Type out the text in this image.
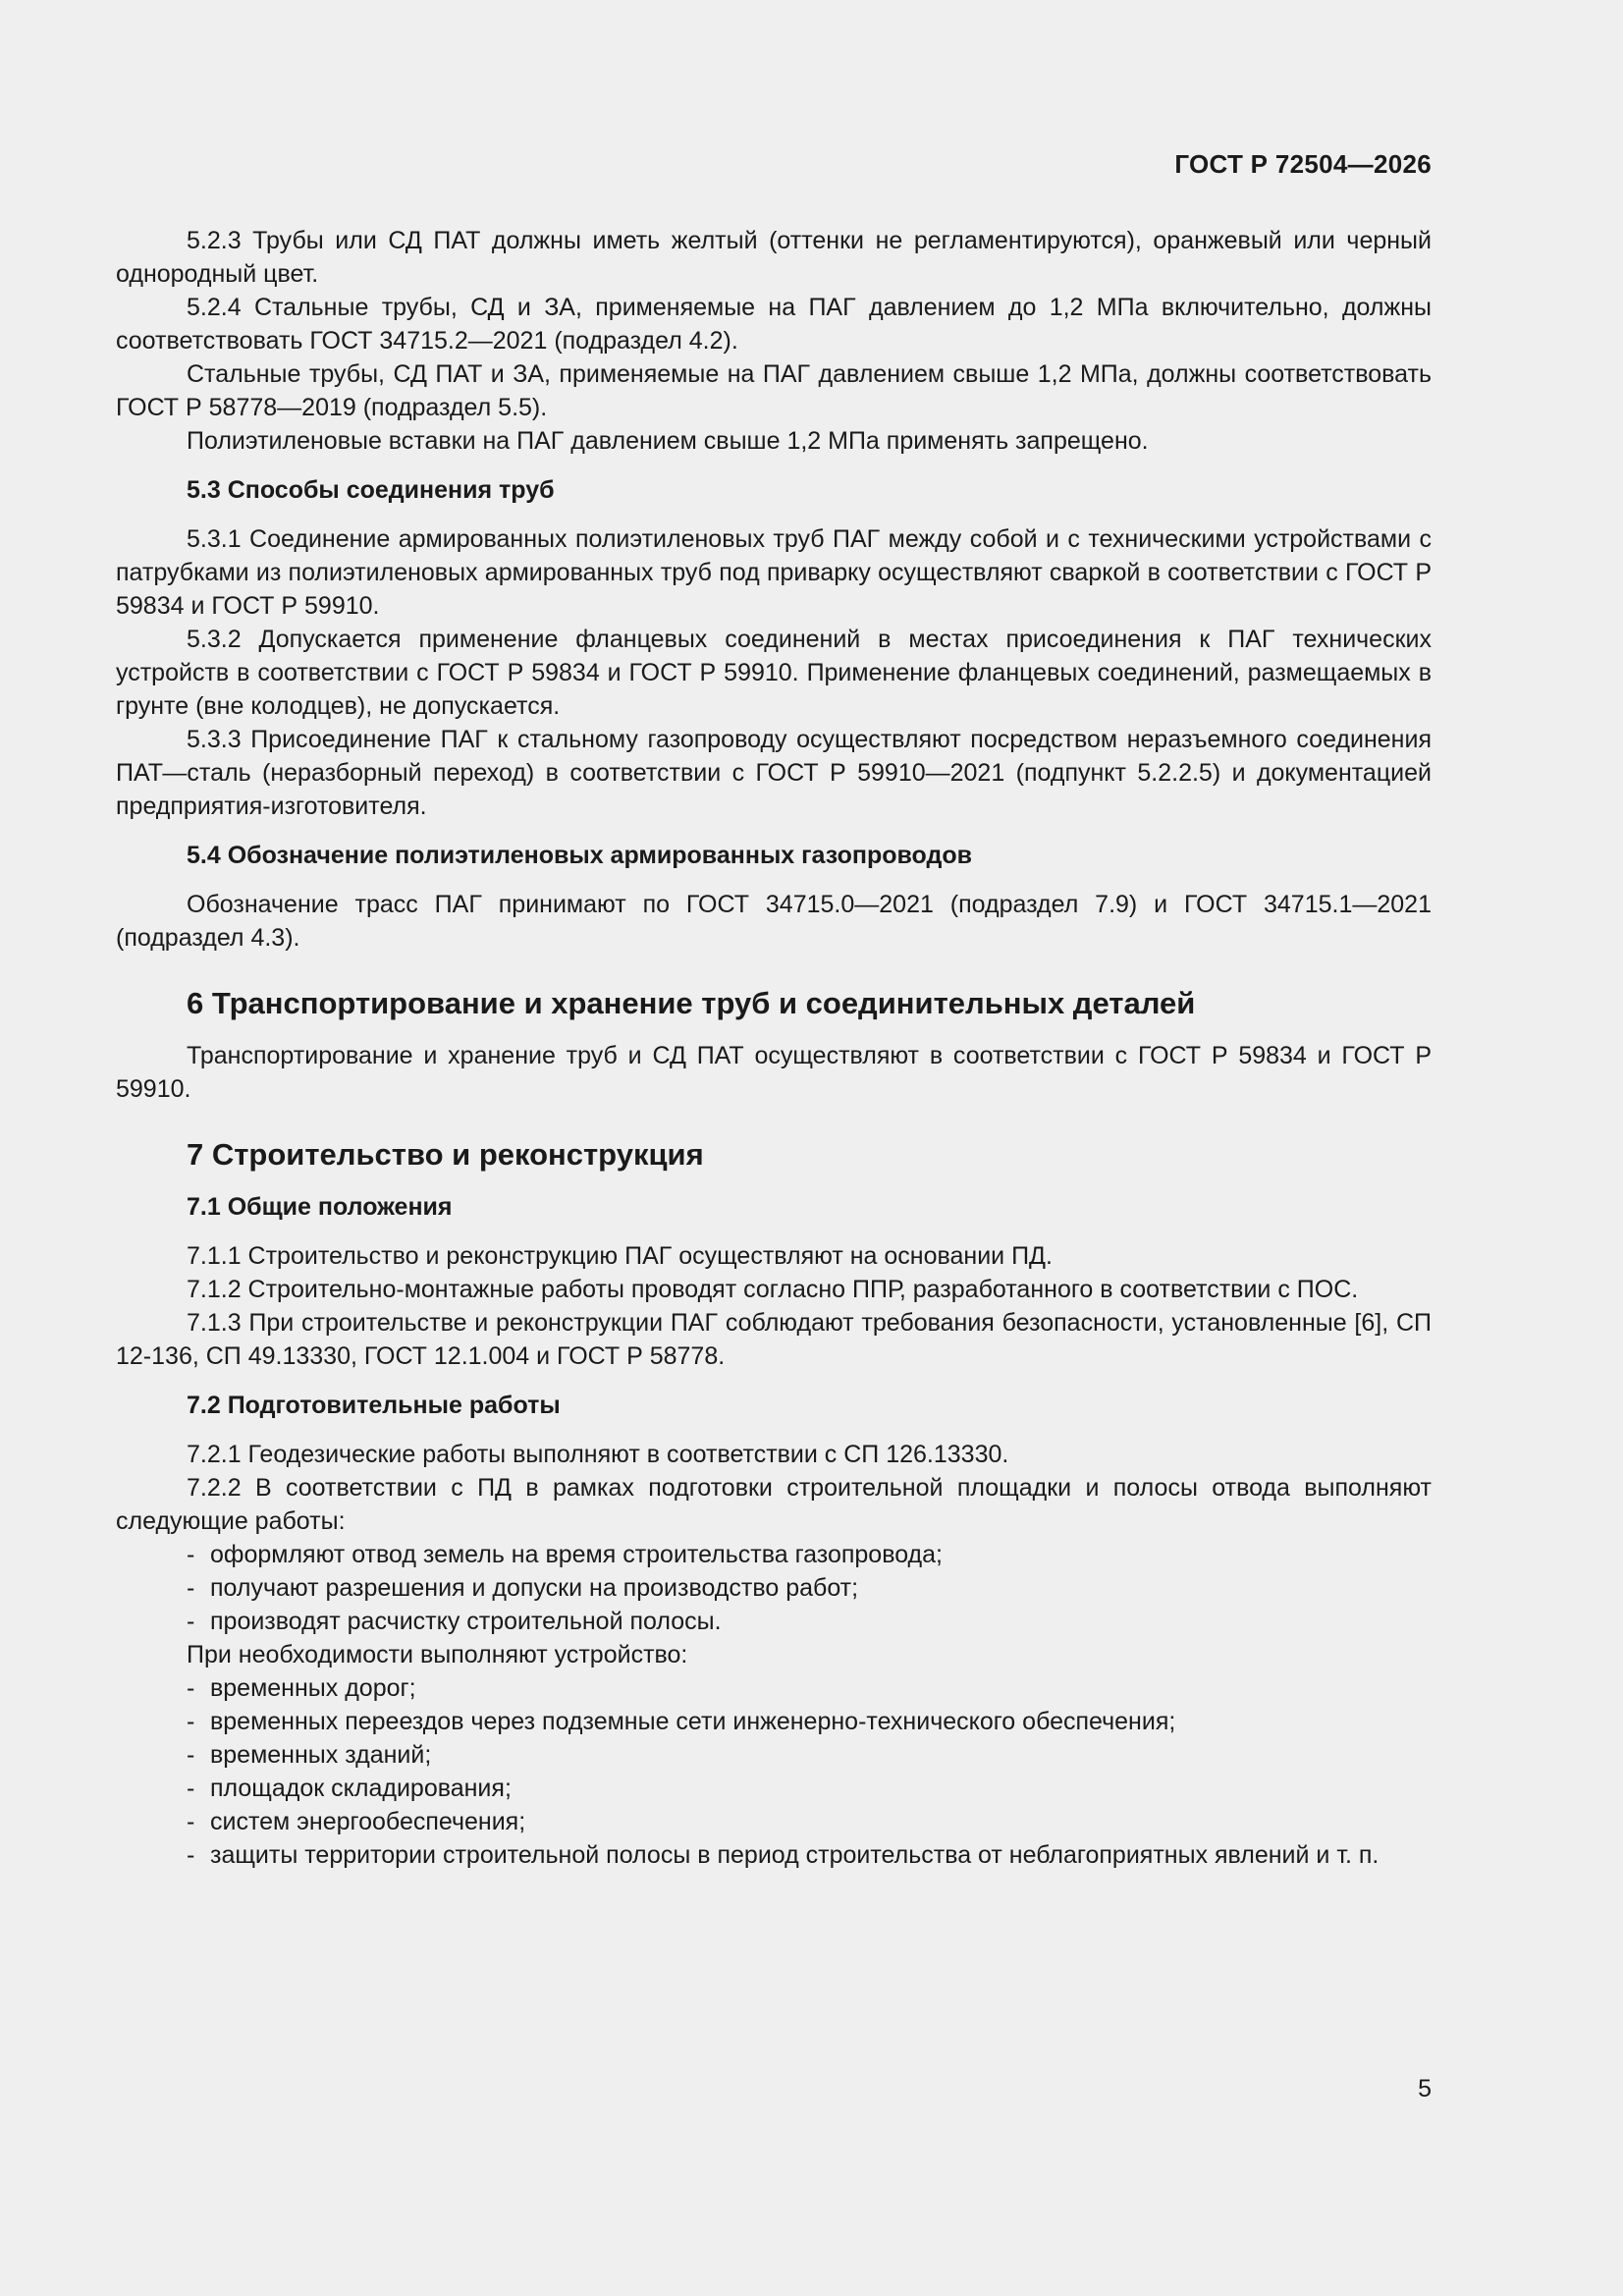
ГОСТ Р 72504—2026

5.2.3 Трубы или СД ПАТ должны иметь желтый (оттенки не регламентируются), оранжевый или черный однородный цвет.

5.2.4 Стальные трубы, СД и ЗА, применяемые на ПАГ давлением до 1,2 МПа включительно, должны соответствовать ГОСТ 34715.2—2021 (подраздел 4.2).

Стальные трубы, СД ПАТ и ЗА, применяемые на ПАГ давлением свыше 1,2 МПа, должны соответствовать ГОСТ Р 58778—2019 (подраздел 5.5).

Полиэтиленовые вставки на ПАГ давлением свыше 1,2 МПа применять запрещено.

5.3 Способы соединения труб

5.3.1 Соединение армированных полиэтиленовых труб ПАГ между собой и с техническими устройствами с патрубками из полиэтиленовых армированных труб под приварку осуществляют сваркой в соответствии с ГОСТ Р 59834 и ГОСТ Р 59910.

5.3.2 Допускается применение фланцевых соединений в местах присоединения к ПАГ технических устройств в соответствии с ГОСТ Р 59834 и ГОСТ Р 59910. Применение фланцевых соединений, размещаемых в грунте (вне колодцев), не допускается.

5.3.3 Присоединение ПАГ к стальному газопроводу осуществляют посредством неразъемного соединения ПАТ—сталь (неразборный переход) в соответствии с ГОСТ Р 59910—2021 (подпункт 5.2.2.5) и документацией предприятия-изготовителя.

5.4 Обозначение полиэтиленовых армированных газопроводов

Обозначение трасс ПАГ принимают по ГОСТ 34715.0—2021 (подраздел 7.9) и ГОСТ 34715.1—2021 (подраздел 4.3).

6 Транспортирование и хранение труб и соединительных деталей

Транспортирование и хранение труб и СД ПАТ осуществляют в соответствии с ГОСТ Р 59834 и ГОСТ Р 59910.

7 Строительство и реконструкция

7.1 Общие положения

7.1.1 Строительство и реконструкцию ПАГ осуществляют на основании ПД.

7.1.2 Строительно-монтажные работы проводят согласно ППР, разработанного в соответствии с ПОС.

7.1.3 При строительстве и реконструкции ПАГ соблюдают требования безопасности, установленные [6], СП 12-136, СП 49.13330, ГОСТ 12.1.004 и ГОСТ Р 58778.

7.2 Подготовительные работы

7.2.1 Геодезические работы выполняют в соответствии с СП 126.13330.

7.2.2 В соответствии с ПД в рамках подготовки строительной площадки и полосы отвода выполняют следующие работы:

- оформляют отвод земель на время строительства газопровода;

- получают разрешения и допуски на производство работ;

- производят расчистку строительной полосы.

При необходимости выполняют устройство:

- временных дорог;

- временных переездов через подземные сети инженерно-технического обеспечения;

- временных зданий;

- площадок складирования;

- систем энергообеспечения;

- защиты территории строительной полосы в период строительства от неблагоприятных явлений и т. п.

5
